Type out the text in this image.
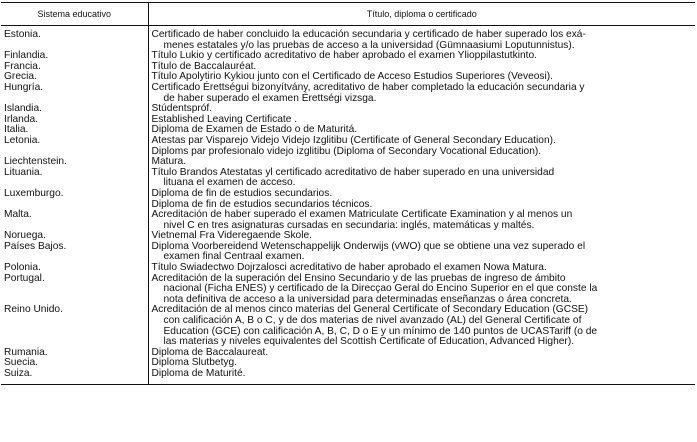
Sistema educativo	Título, diploma o certificado
Estonia.	Certificado de haber concluido la educación secundaria y certificado de haber superado los exá-
menes estatales y/o las pruebas de acceso a la universidad (Gümnaasiumi Loputunnistus).

Finlandia.	Título Lukio y certificado acreditativo de haber aprobado el examen Ylioppilastutkinto.

Francia.	Título de Baccalauréat.

Grecia.	Título Apolytirio Kykiou junto con el Certificado de Acceso Estudios Superiores (Veveosi).

Hungría.	Certificado Érettségui bizonyítvány, acreditativo de haber completado la educación secundaria y
de haber superado el examen Érettségi vizsga.

Islandia.	Stúdentspróf.

Irlanda.	Established Leaving Certificate .

Italia.	Diploma de Examen de Estado o de Maturitá.

Letonia.	Atestas par Visparejo Videjo Videjo Izglitibu (Certificate of General Secondary Education).
Diploms par profesionalo videjo izglitibu (Diploma of Secondary Vocational Education).

Liechtenstein.	Matura.

Lituania.	Título Brandos Atestatas yl certificado acreditativo de haber superado en una universidad
lituana el examen de acceso.

Luxemburgo.	Diploma de fin de estudios secundarios.
Diploma de fin de estudios secundarios técnicos.

Malta.	Acreditación de haber superado el examen Matriculate Certificate Examination y al menos un
nivel C en tres asignaturas cursadas en secundaria: inglés, matemáticas y maltés.

Noruega.	Vietnemal Fra Videregaende Skole.

Países Bajos.	Diploma Voorbereidend Wetenschappelijk Onderwijs (vWO) que se obtiene una vez superado el
examen final Centraal examen.

Polonia.	Título Swiadectwo Dojrzalosci acreditativo de haber aprobado el examen Nowa Matura.

Portugal.	Acreditación de la superación del Ensino Secundario y de las pruebas de ingreso de ámbito
nacional (Ficha ENES) y certificado de la Direcçao Geral do Encino Superior en el que conste la
nota definitiva de acceso a la universidad para determinadas enseñanzas o área concreta.

Reino Unido.	Acreditación de al menos cinco materias del General Certificate of Secondary Education (GCSE)
con calificación A, B o C, y de dos materias de nivel avanzado (AL) del General Certificate of
Education (GCE) con calificación A, B, C, D o E y un mínimo de 140 puntos de UCASTariff (o de
las materias y niveles equivalentes del Scottish Certificate of Education, Advanced Higher).

Rumania.	Diploma de Baccalaureat.

Suecia.	Diploma Slutbetyg.

Suiza.	Diploma de Maturité.
